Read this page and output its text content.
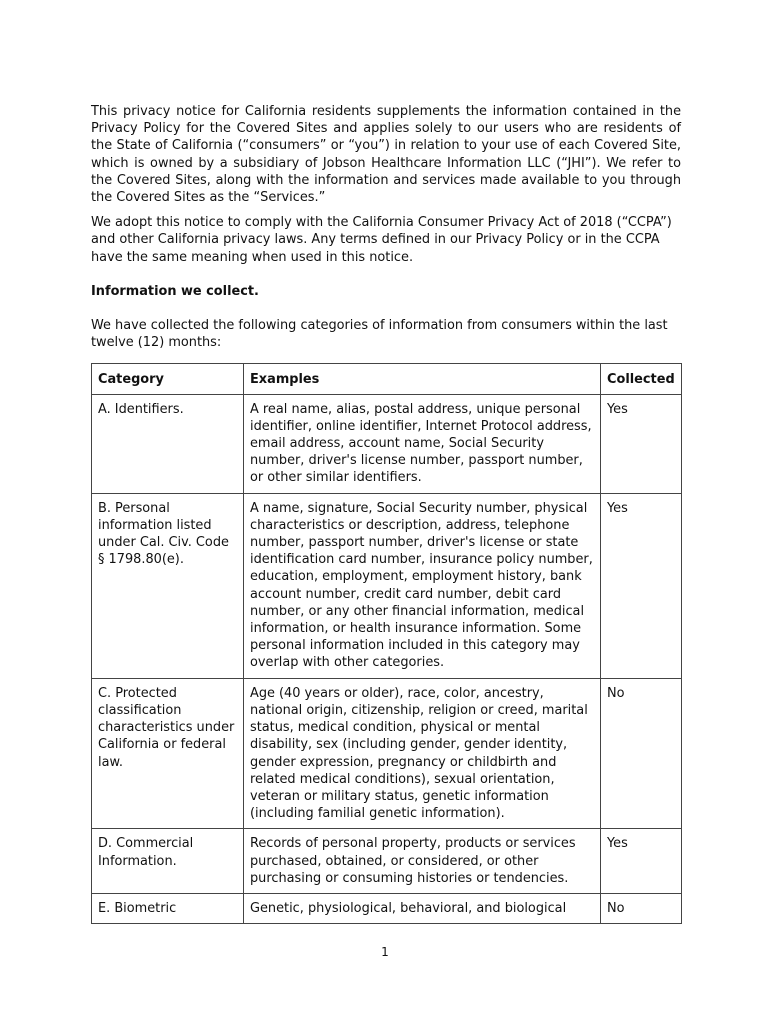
This privacy notice for California residents supplements the information contained in the Privacy Policy for the Covered Sites and applies solely to our users who are residents of the State of California (“consumers” or “you”) in relation to your use of each Covered Site, which is owned by a subsidiary of Jobson Healthcare Information LLC (“JHI”). We refer to the Covered Sites, along with the information and services made available to you through the Covered Sites as the “Services.”

We adopt this notice to comply with the California Consumer Privacy Act of 2018 (“CCPA”) and other California privacy laws. Any terms defined in our Privacy Policy or in the CCPA have the same meaning when used in this notice.

Information we collect.

We have collected the following categories of information from consumers within the last twelve (12) months:

Category	Examples	Collected
A. Identifiers.	A real name, alias, postal address, unique personal identifier, online identifier, Internet Protocol address, email address, account name, Social Security number, driver's license number, passport number, or other similar identifiers.	Yes
B. Personal information listed under Cal. Civ. Code § 1798.80(e).	A name, signature, Social Security number, physical characteristics or description, address, telephone number, passport number, driver's license or state identification card number, insurance policy number, education, employment, employment history, bank account number, credit card number, debit card number, or any other financial information, medical information, or health insurance information. Some personal information included in this category may overlap with other categories.	Yes
C. Protected classification characteristics under California or federal law.	Age (40 years or older), race, color, ancestry, national origin, citizenship, religion or creed, marital status, medical condition, physical or mental disability, sex (including gender, gender identity, gender expression, pregnancy or childbirth and related medical conditions), sexual orientation, veteran or military status, genetic information (including familial genetic information).	No
D. Commercial Information.	Records of personal property, products or services purchased, obtained, or considered, or other purchasing or consuming histories or tendencies.	Yes
E. Biometric	Genetic, physiological, behavioral, and biological	No
1
